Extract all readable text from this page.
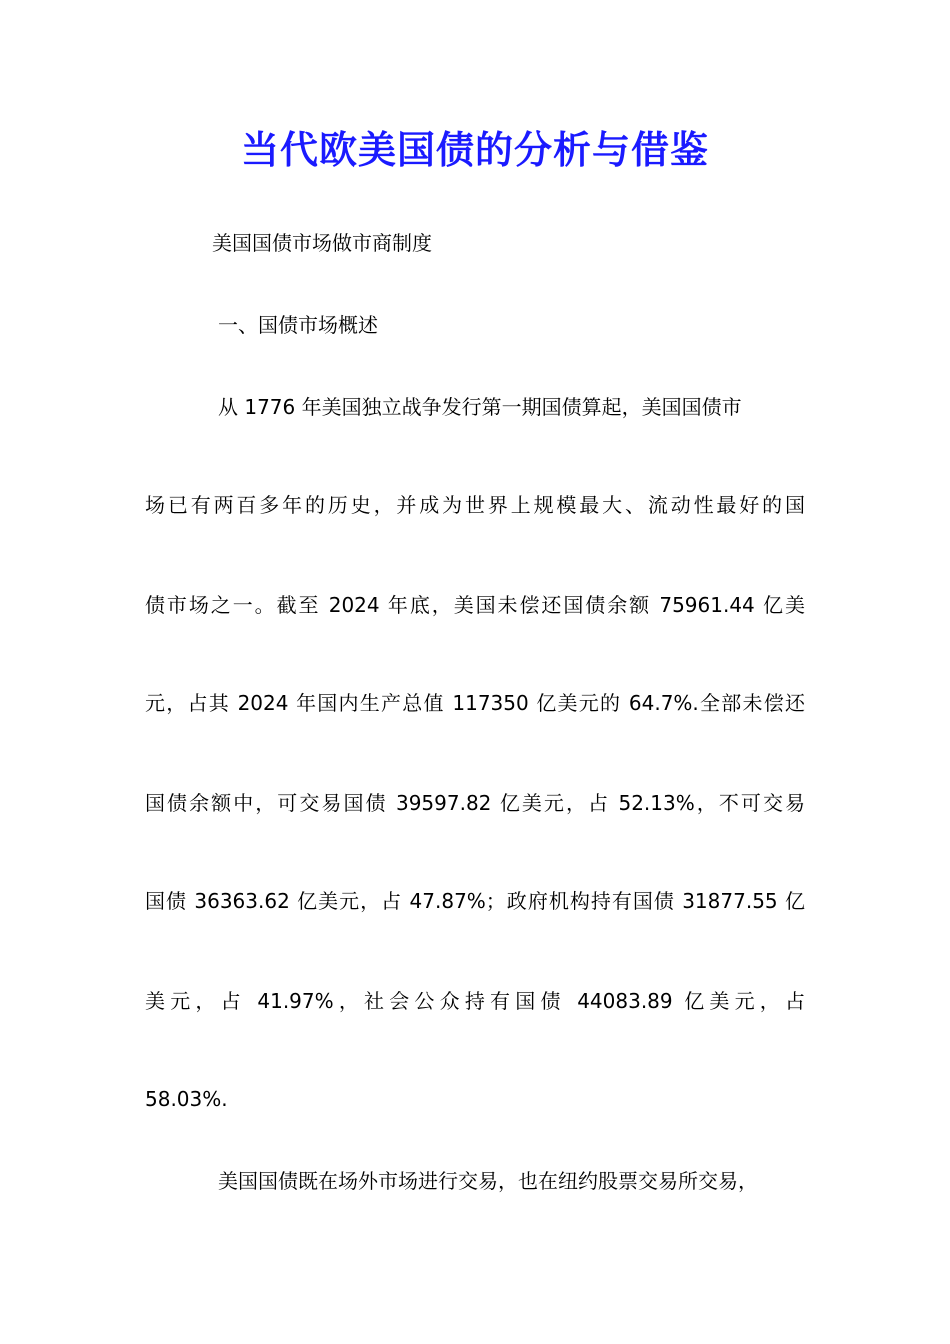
当代欧美国债的分析与借鉴

美国国债市场做市商制度

一、国债市场概述

从 1776 年美国独立战争发行第一期国债算起，美国国债市

场已有两百多年的历史，并成为世界上规模最大、流动性最好的国

债市场之一。截至 2024 年底，美国未偿还国债余额 75961.44 亿美

元，占其 2024 年国内生产总值 117350 亿美元的 64.7%.全部未偿还

国债余额中，可交易国债 39597.82 亿美元，占 52.13%，不可交易

国债 36363.62 亿美元，占 47.87%；政府机构持有国债 31877.55 亿

美元，占 41.97%，社会公众持有国债 44083.89 亿美元，占

58.03%.

美国国债既在场外市场进行交易，也在纽约股票交易所交易，
